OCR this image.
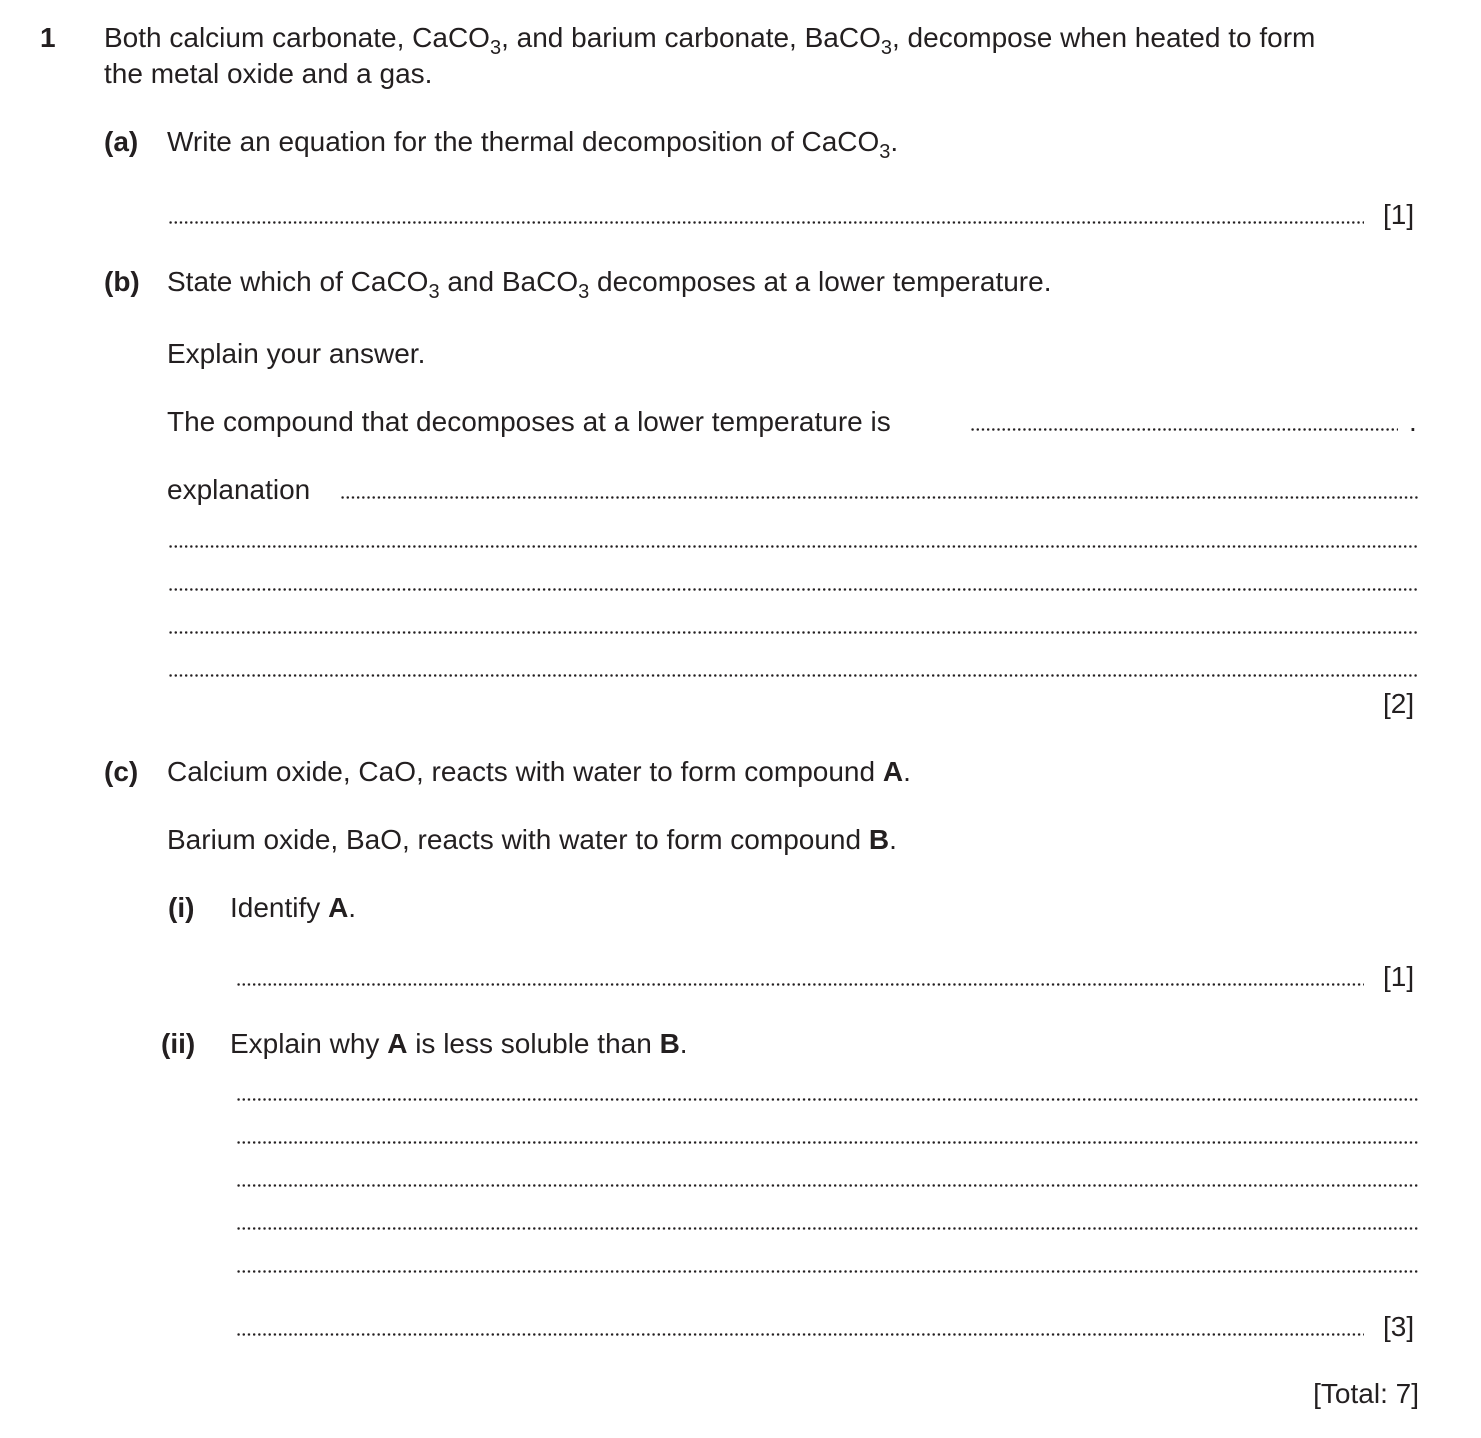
1 Both calcium carbonate, CaCO$_3$, and barium carbonate, BaCO$_3$, decompose when heated to form
the metal oxide and a gas.
(a) Write an equation for the thermal decomposition of CaCO$_3$.
[1]
(b) State which of CaCO$_3$ and BaCO$_3$ decomposes at a lower temperature.
Explain your answer.
The compound that decomposes at a lower temperature is	.
explanation
[2]
(c) Calcium oxide, CaO, reacts with water to form compound A.
Barium oxide, BaO, reacts with water to form compound B.
(i) Identify A.
[1]
(ii) Explain why A is less soluble than B.
[3]
[Total: 7]
